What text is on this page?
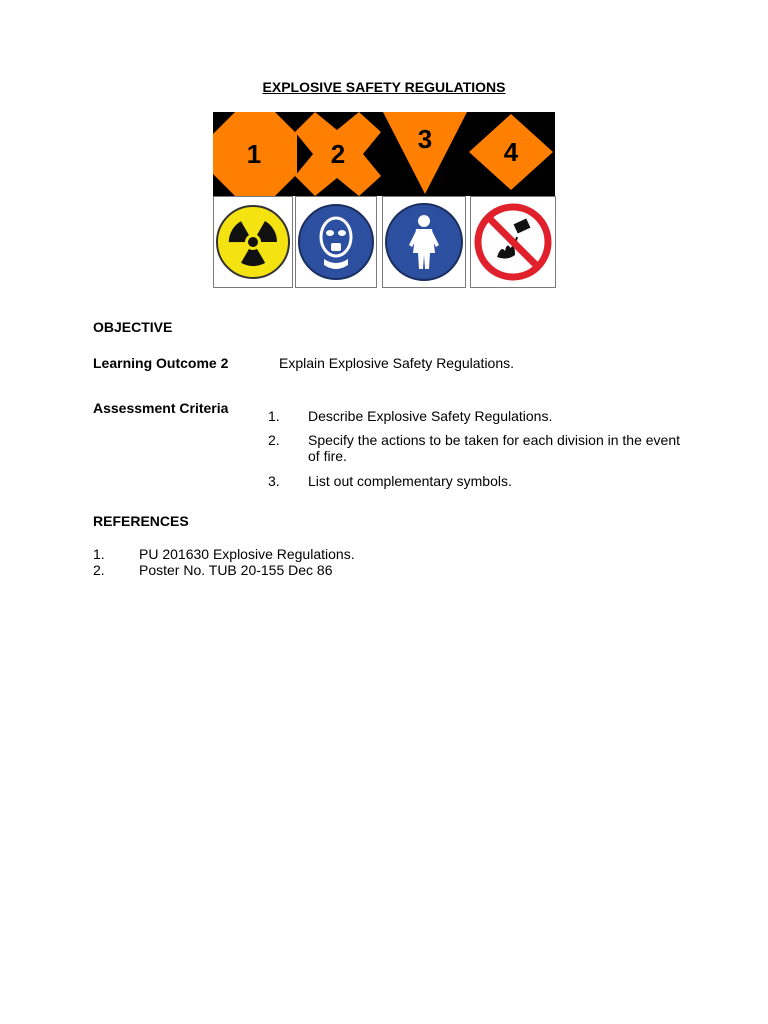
EXPLOSIVE SAFETY REGULATIONS
1	2	3	4
OBJECTIVE
Learning Outcome 2	Explain Explosive Safety Regulations.
Assessment Criteria	1. Describe Explosive Safety Regulations.
2. Specify the actions to be taken for each division in the event
of fire.
3. List out complementary symbols.
REFERENCES
1. PU 201630 Explosive Regulations.
2. Poster No. TUB 20-155 Dec 86
